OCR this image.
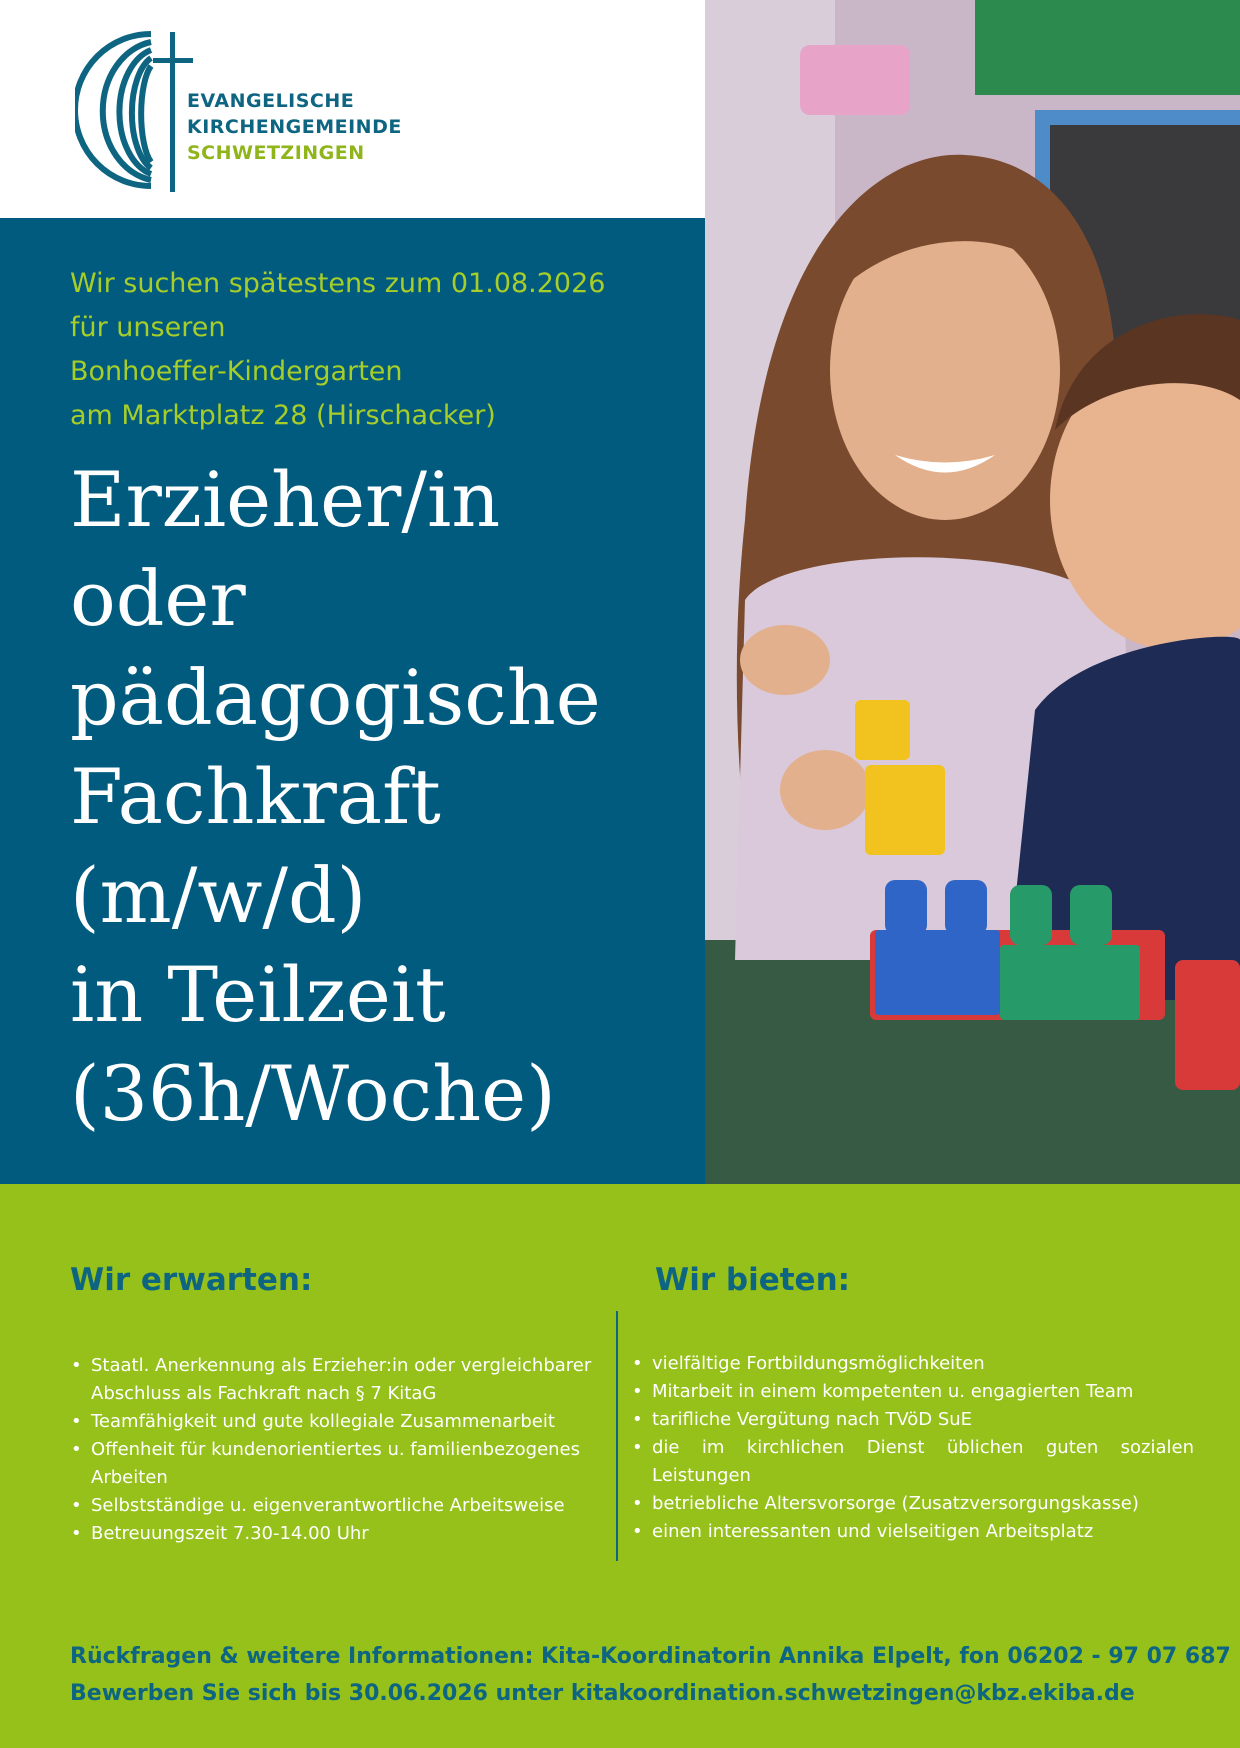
EVANGELISCHE
KIRCHENGEMEINDE
SCHWETZINGEN
Wir suchen spätestens zum 01.08.2026
für unseren
Bonhoeffer-Kindergarten
am Marktplatz 28 (Hirschacker)
Erzieher/in
oder
pädagogische
Fachkraft
(m/w/d)
in Teilzeit
(36h/Woche)
Wir erwarten:	Wir bieten:
• Staatl. Anerkennung als Erzieher:in oder vergleichbarer Abschluss als Fachkraft nach § 7 KitaG
• Teamfähigkeit und gute kollegiale Zusammenarbeit
• Offenheit für kundenorientiertes u. familienbezogenes Arbeiten
• Selbstständige u. eigenverantwortliche Arbeitsweise
• Betreuungszeit 7.30-14.00 Uhr
• vielfältige Fortbildungsmöglichkeiten
• Mitarbeit in einem kompetenten u. engagierten Team
• tarifliche Vergütung nach TVöD SuE
• die im kirchlichen Dienst üblichen guten sozialen Leistungen
• betriebliche Altersvorsorge (Zusatzversorgungskasse)
• einen interessanten und vielseitigen Arbeitsplatz
Rückfragen & weitere Informationen: Kita-Koordinatorin Annika Elpelt, fon 06202 - 97 07 687
Bewerben Sie sich bis 30.06.2026 unter kitakoordination.schwetzingen@kbz.ekiba.de
